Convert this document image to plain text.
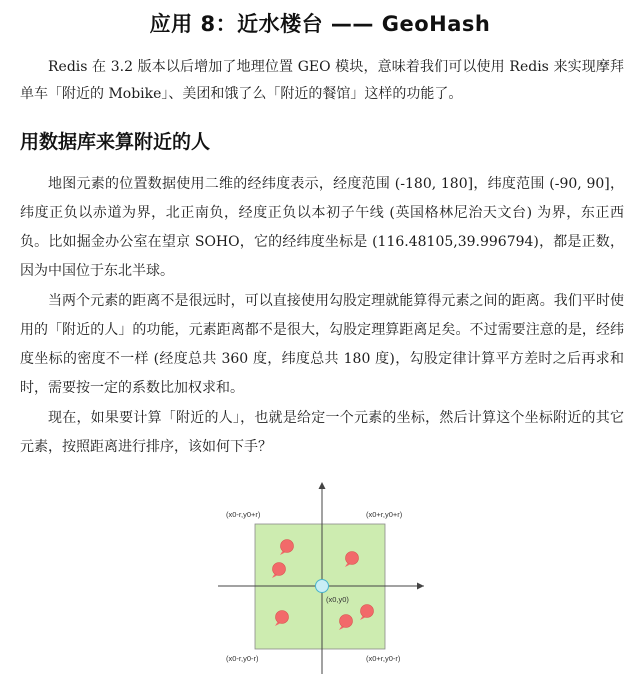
应用 8：近水楼台 —— GeoHash
Redis 在 3.2 版本以后增加了地理位置 GEO 模块，意味着我们可以使用 Redis 来实现摩拜单车「附近的 Mobike」、美团和饿了么「附近的餐馆」这样的功能了。
用数据库来算附近的人
地图元素的位置数据使用二维的经纬度表示，经度范围 (-180, 180]，纬度范围 (-90, 90]，纬度正负以赤道为界，北正南负，经度正负以本初子午线 (英国格林尼治天文台) 为界，东正西负。比如掘金办公室在望京 SOHO，它的经纬度坐标是 (116.48105,39.996794)，都是正数，因为中国位于东北半球。
当两个元素的距离不是很远时，可以直接使用勾股定理就能算得元素之间的距离。我们平时使用的「附近的人」的功能，元素距离都不是很大，勾股定理算距离足矣。不过需要注意的是，经纬度坐标的密度不一样 (经度总共 360 度，纬度总共 180 度)，勾股定律计算平方差时之后再求和时，需要按一定的系数比加权求和。
现在，如果要计算「附近的人」，也就是给定一个元素的坐标，然后计算这个坐标附近的其它元素，按照距离进行排序，该如何下手？
(x0-r,y0+r)	(x0+r,y0+r)
(x0-r,y0-r)	(x0+r,y0-r)
(x0,y0)
